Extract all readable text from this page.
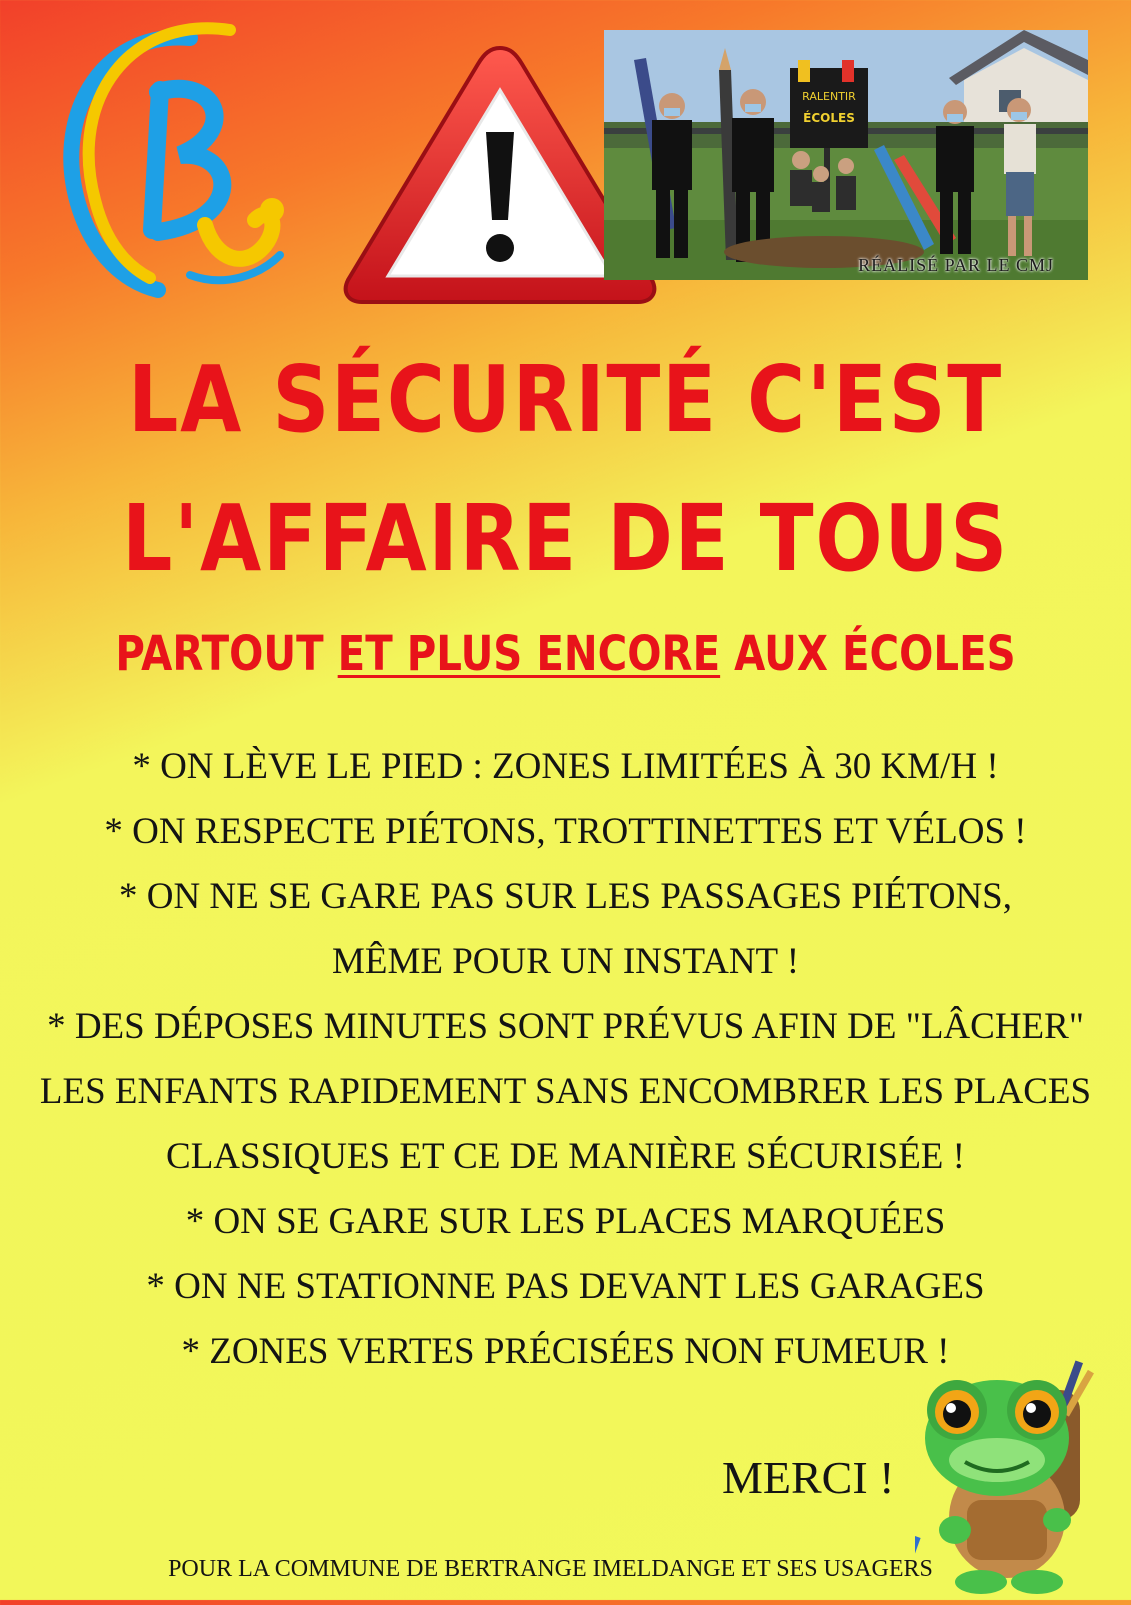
RALENTIR
ÉCOLES
RÉALISÉ PAR LE CMJ
LA SÉCURITÉ C'EST
L'AFFAIRE DE TOUS
PARTOUT ET PLUS ENCORE AUX ÉCOLES
* ON LÈVE LE PIED : ZONES LIMITÉES À 30 KM/H !
* ON RESPECTE PIÉTONS, TROTTINETTES ET VÉLOS !
* ON NE SE GARE PAS SUR LES PASSAGES PIÉTONS,
MÊME POUR UN INSTANT !
* DES DÉPOSES MINUTES SONT PRÉVUS AFIN DE "LÂCHER"
LES ENFANTS RAPIDEMENT SANS ENCOMBRER LES PLACES
CLASSIQUES ET CE DE MANIÈRE SÉCURISÉE !
* ON SE GARE SUR LES PLACES MARQUÉES
* ON NE STATIONNE PAS DEVANT LES GARAGES
* ZONES VERTES PRÉCISÉES NON FUMEUR !
MERCI !
POUR LA COMMUNE DE BERTRANGE IMELDANGE ET SES USAGERS
